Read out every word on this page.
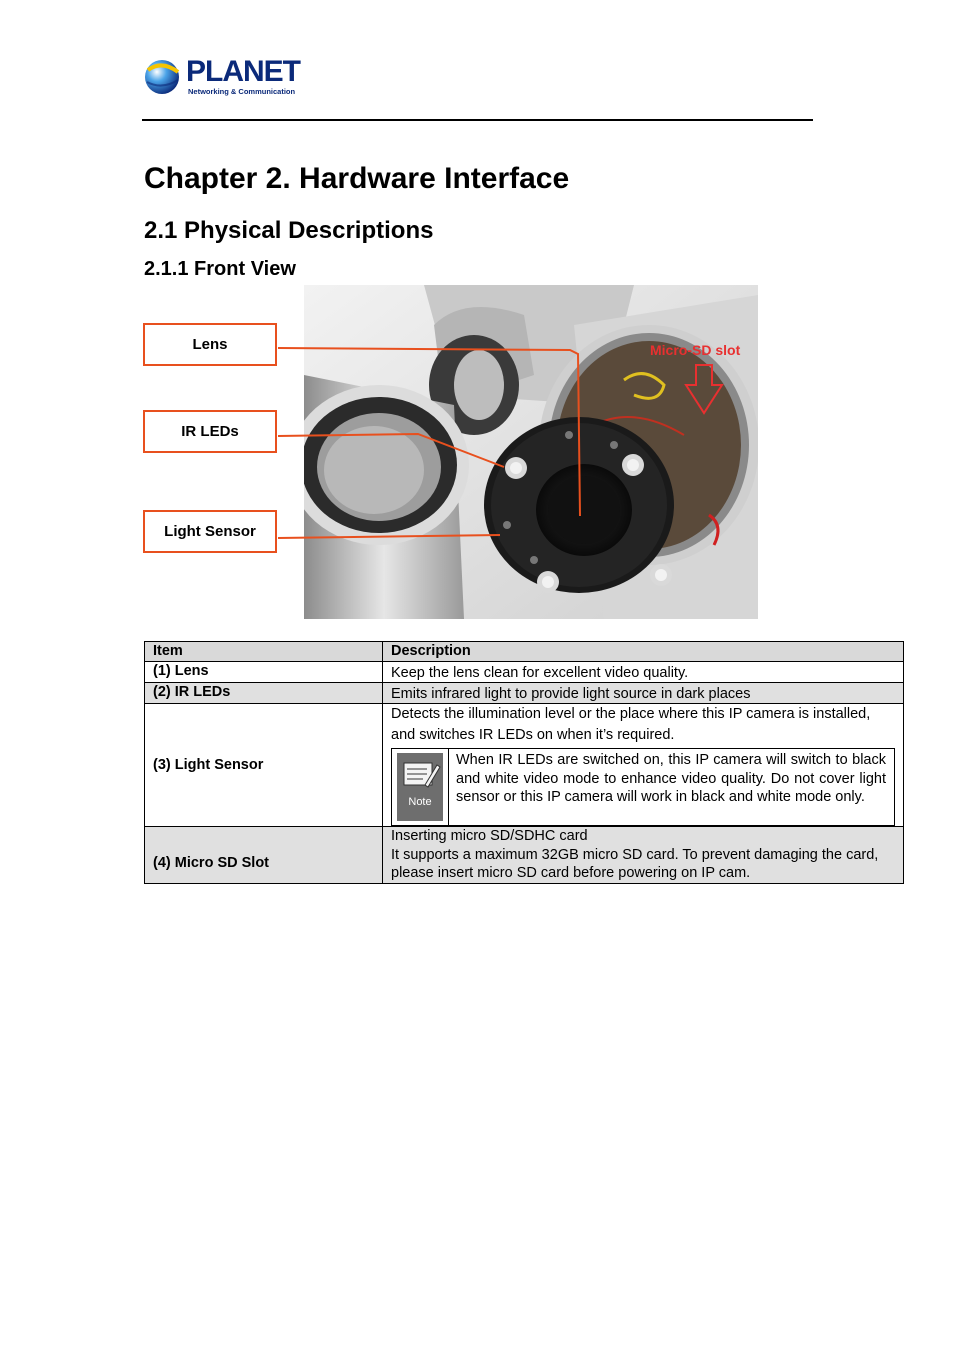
PLANET
Networking & Communication
Chapter 2. Hardware Interface
2.1 Physical Descriptions
2.1.1 Front View
Micro-SD slot
Lens
IR LEDs
Light Sensor
Item	Description
(1) Lens	Keep the lens clean for excellent video quality.
(2) IR LEDs	Emits infrared light to provide light source in dark places
(3) Light Sensor	Detects the illumination level or the place where this IP camera is installed, and switches IR LEDs on when it’s required.
Note
When IR LEDs are switched on, this IP camera will switch to black and white video mode to enhance video quality. Do not cover light sensor or this IP camera will work in black and white mode only.

(4) Micro SD Slot	Inserting micro SD/SDHC card
It supports a maximum 32GB micro SD card. To prevent damaging the card, please insert micro SD card before powering on IP cam.
